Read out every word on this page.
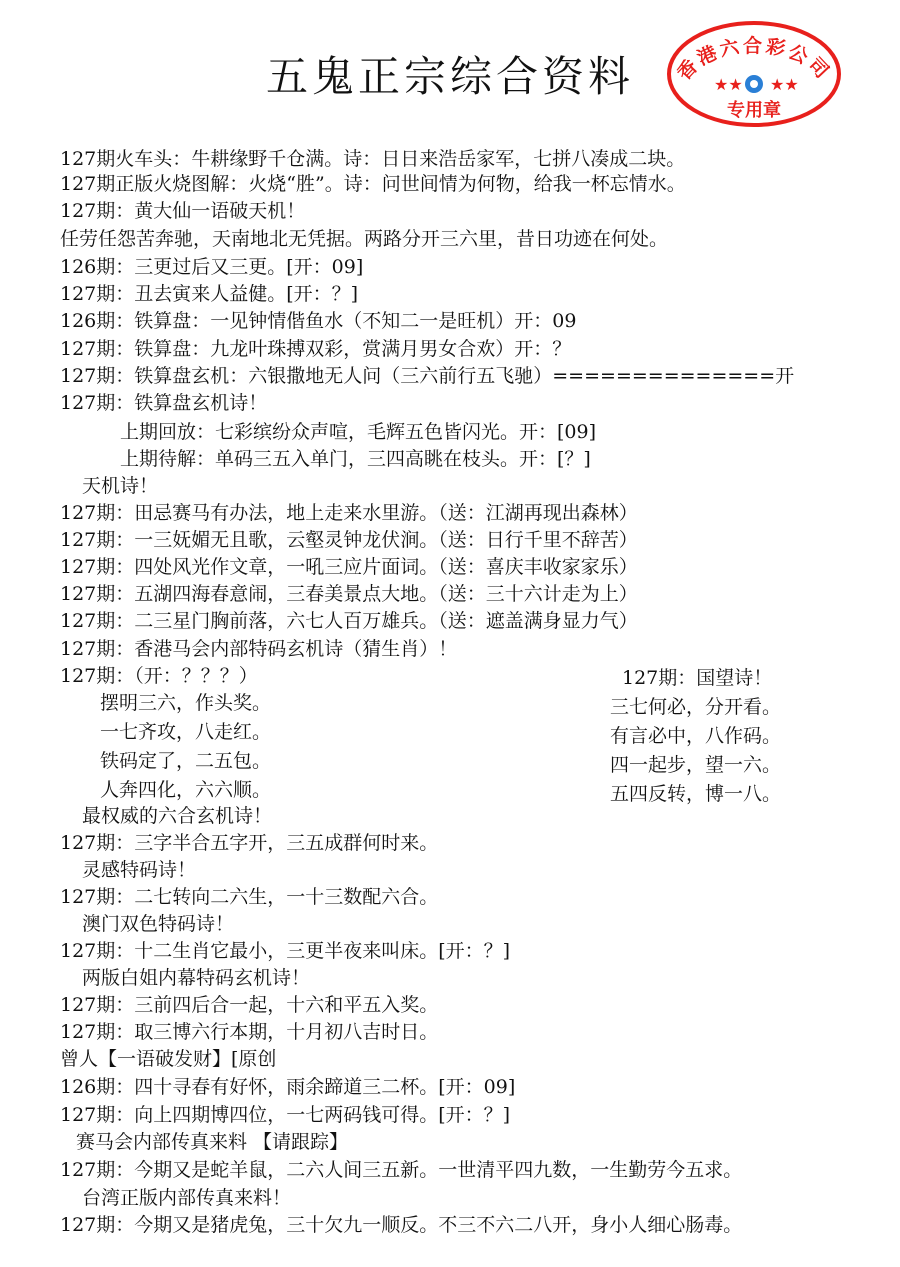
五鬼正宗综合资料	香港六合彩公司
★★ ★★
专用章
127期火车头：牛耕缘野千仓满。诗：日日来浩岳家军，七拼八凑成二块。
127期正版火烧图解：火烧“胜”。诗：问世间情为何物，给我一杯忘情水。
127期：黄大仙一语破天机！
任劳任怨苦奔驰，天南地北无凭据。两路分开三六里，昔日功迹在何处。
126期：三更过后又三更。[开：09]
127期：丑去寅来人益健。[开：？]
126期：铁算盘：一见钟情偕鱼水（不知二一是旺机）开：09
127期：铁算盘：九龙叶珠搏双彩，赏满月男女合欢）开：？
127期：铁算盘玄机：六银撒地无人问（三六前行五飞驰）==============开
127期：铁算盘玄机诗！
上期回放：七彩缤纷众声喧，毛辉五色皆闪光。开：[09]
上期待解：单码三五入单门，三四高眺在枝头。开：[？]
天机诗！
127期：田忌赛马有办法，地上走来水里游。（送：江湖再现出森林）
127期：一三妩媚无且歌，云壑灵钟龙伏涧。（送：日行千里不辞苦）
127期：四处风光作文章，一吼三应片面词。（送：喜庆丰收家家乐）
127期：五湖四海春意闹，三春美景点大地。（送：三十六计走为上）
127期：二三星门胸前落，六七人百万雄兵。（送：遮盖满身显力气）
127期：香港马会内部特码玄机诗（猜生肖）！
127期：（开：？？？）
摆明三六，作头奖。
一七齐攻，八走红。
铁码定了，二五包。
人奔四化，六六顺。
127期：国望诗！
三七何必，分开看。
有言必中，八作码。
四一起步，望一六。
五四反转，博一八。
最权威的六合玄机诗！
127期：三字半合五字开，三五成群何时来。
灵感特码诗！
127期：二七转向二六生，一十三数配六合。
澳门双色特码诗！
127期：十二生肖它最小，三更半夜来叫床。[开：？]
两版白姐内幕特码玄机诗！
127期：三前四后合一起，十六和平五入奖。
127期：取三博六行本期，十月初八吉时日。
曾人【一语破发财】[原创
126期：四十寻春有好怀，雨余蹄道三二杯。[开：09]
127期：向上四期博四位，一七两码钱可得。[开：？]
赛马会内部传真来料 【请跟踪】
127期：今期又是蛇羊鼠，二六人间三五新。一世清平四九数，一生勤劳今五求。
台湾正版内部传真来料！
127期：今期又是猪虎兔，三十欠九一顺反。不三不六二八开，身小人细心肠毒。
